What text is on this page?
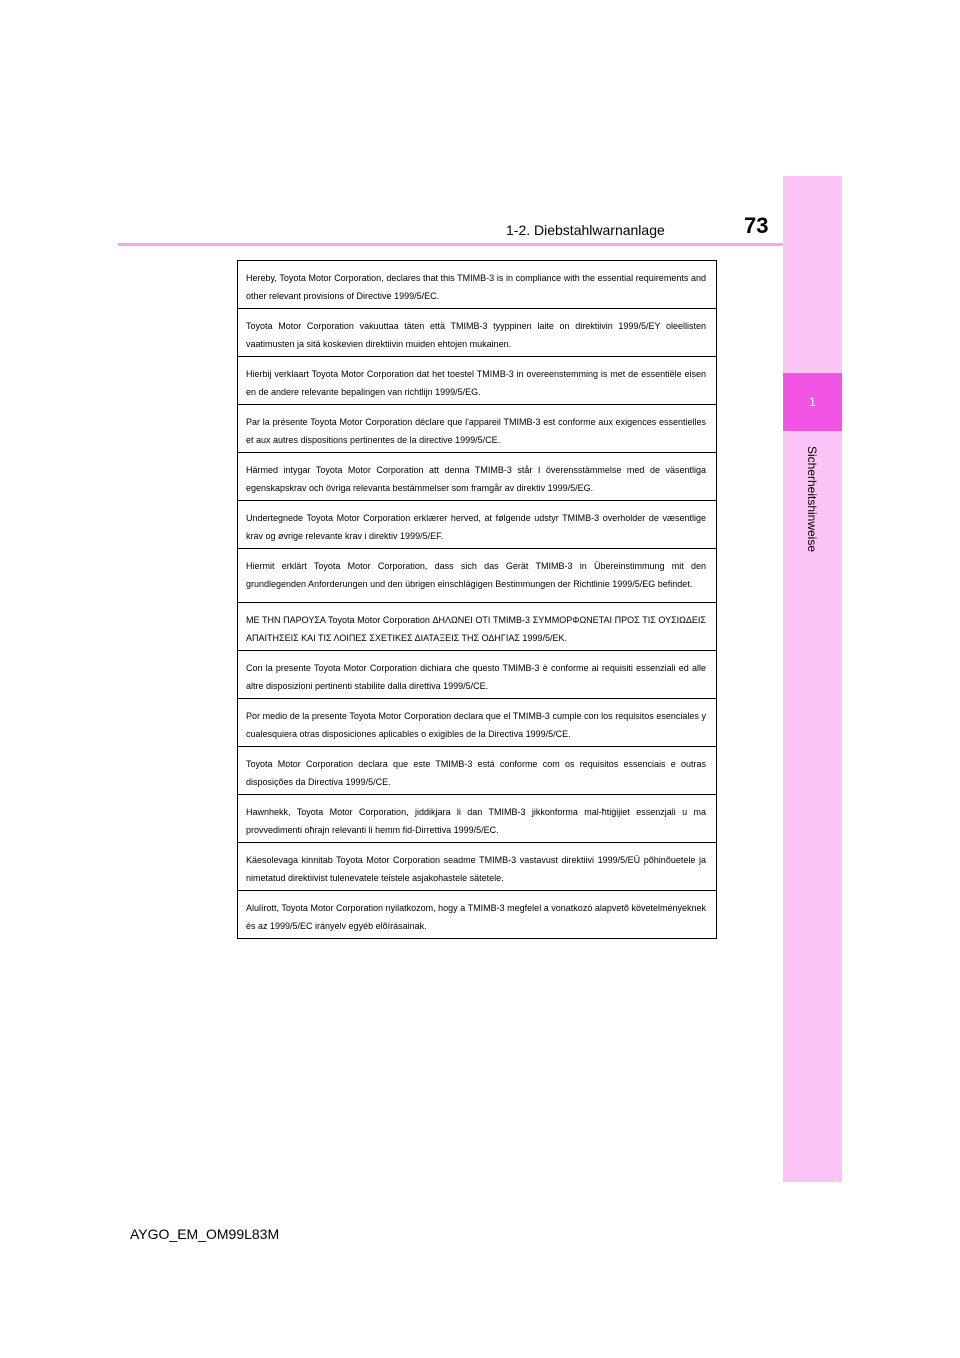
1-2. Diebstahlwarnanlage	73
1
Sicherheitshinweise
Hereby, Toyota Motor Corporation, declares that this TMIMB-3 is in compliance with the essential requirements and other relevant provisions of Directive 1999/5/EC.
Toyota Motor Corporation vakuuttaa täten että TMIMB-3 tyyppinen laite on direktiivin 1999/5/EY oleellisten vaatimusten ja sitä koskevien direktiivin muiden ehtojen mukainen.
Hierbij verklaart Toyota Motor Corporation dat het toestel TMIMB-3 in overeenstemming is met de essentiële eisen en de andere relevante bepalingen van richtlijn 1999/5/EG.
Par la présente Toyota Motor Corporation déclare que l'appareil TMIMB-3 est conforme aux exigences essentielles et aux autres dispositions pertinentes de la directive 1999/5/CE.
Härmed intygar Toyota Motor Corporation att denna TMIMB-3 står I överensstämmelse med de väsentliga egenskapskrav och övriga relevanta bestämmelser som framgår av direktiv 1999/5/EG.
Undertegnede Toyota Motor Corporation erklærer herved, at følgende udstyr TMIMB-3 overholder de væsentlige krav og øvrige relevante krav i direktiv 1999/5/EF.
Hiermit erklärt Toyota Motor Corporation, dass sich das Gerät TMIMB-3 in Übereinstimmung mit den grundlegenden Anforderungen und den übrigen einschlägigen Bestimmungen der Richtlinie 1999/5/EG befindet.
ΜΕ ΤΗΝ ΠΑΡΟΥΣΑ Toyota Motor Corporation ΔΗΛΩΝΕΙ ΟΤΙ TMIMB-3 ΣΥΜΜΟΡΦΩΝΕΤΑΙ ΠΡΟΣ ΤΙΣ ΟΥΣΙΩΔΕΙΣ ΑΠΑΙΤΗΣΕΙΣ ΚΑΙ ΤΙΣ ΛΟΙΠΕΣ ΣΧΕΤΙΚΕΣ ΔΙΑΤΑΞΕΙΣ ΤΗΣ ΟΔΗΓΙΑΣ 1999/5/ΕΚ.
Con la presente Toyota Motor Corporation dichiara che questo TMIMB-3 è conforme ai requisiti essenziali ed alle altre disposizioni pertinenti stabilite dalla direttiva 1999/5/CE.
Por medio de la presente Toyota Motor Corporation declara que el TMIMB-3 cumple con los requisitos esenciales y cualesquiera otras disposiciones aplicables o exigibles de la Directiva 1999/5/CE.
Toyota Motor Corporation declara que este TMIMB-3 está conforme com os requisitos essenciais e outras disposições da Directiva 1999/5/CE.
Hawnhekk, Toyota Motor Corporation, jiddikjara li dan TMIMB-3 jikkonforma mal-ħtiġijiet essenzjali u ma provvedimenti oħrajn relevanti li hemm fid-Dirrettiva 1999/5/EC.
Käesolevaga kinnitab Toyota Motor Corporation seadme TMIMB-3 vastavust direktiivi 1999/5/EÜ põhinõuetele ja nimetatud direktiivist tulenevatele teistele asjakohastele sätetele.
Alulírott, Toyota Motor Corporation nyilatkozom, hogy a TMIMB-3 megfelel a vonatkozó alapvetõ követelményeknek és az 1999/5/EC irányelv egyéb elõírásainak.
AYGO_EM_OM99L83M
